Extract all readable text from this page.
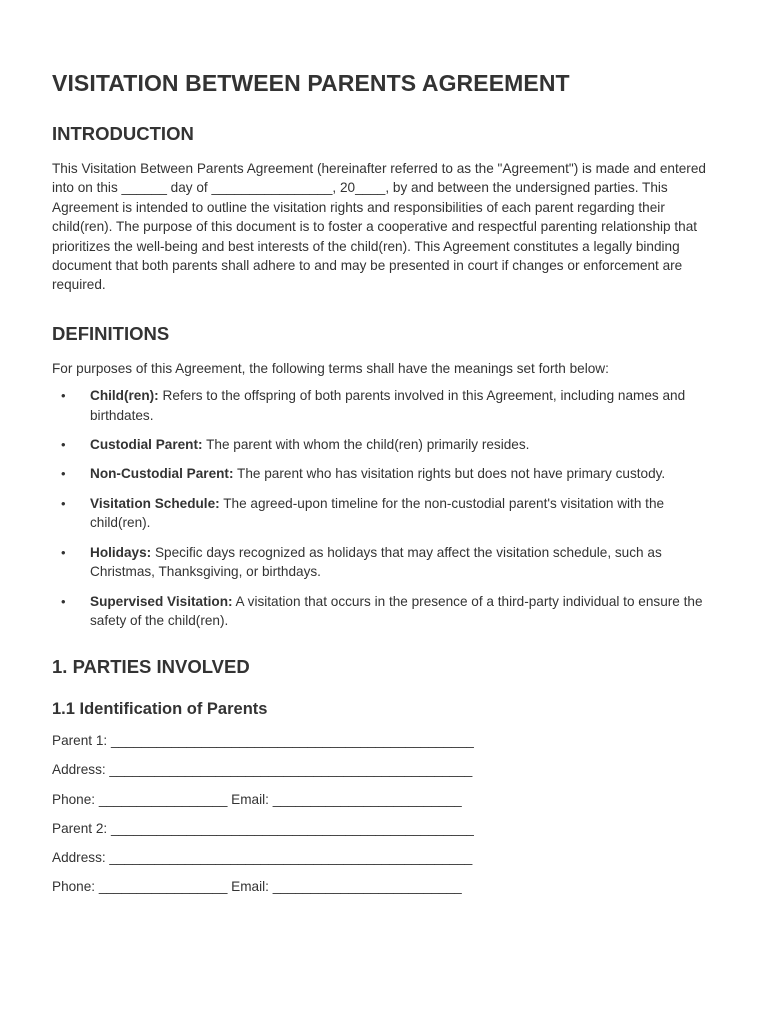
VISITATION BETWEEN PARENTS AGREEMENT
INTRODUCTION

This Visitation Between Parents Agreement (hereinafter referred to as the "Agreement") is made and entered into on this ______ day of ________________, 20____, by and between the undersigned parties. This Agreement is intended to outline the visitation rights and responsibilities of each parent regarding their child(ren). The purpose of this document is to foster a cooperative and respectful parenting relationship that prioritizes the well-being and best interests of the child(ren). This Agreement constitutes a legally binding document that both parents shall adhere to and may be presented in court if changes or enforcement are required.

DEFINITIONS

For purposes of this Agreement, the following terms shall have the meanings set forth below:

• Child(ren): Refers to the offspring of both parents involved in this Agreement, including names and birthdates.
• Custodial Parent: The parent with whom the child(ren) primarily resides.
• Non-Custodial Parent: The parent who has visitation rights but does not have primary custody.
• Visitation Schedule: The agreed-upon timeline for the non-custodial parent's visitation with the child(ren).
• Holidays: Specific days recognized as holidays that may affect the visitation schedule, such as Christmas, Thanksgiving, or birthdays.
• Supervised Visitation: A visitation that occurs in the presence of a third-party individual to ensure the safety of the child(ren).
1. PARTIES INVOLVED
1.1 Identification of Parents

Parent 1: ________________________________________________

Address: ________________________________________________

Phone: _________________ Email: _________________________

Parent 2: ________________________________________________

Address: ________________________________________________

Phone: _________________ Email: _________________________
